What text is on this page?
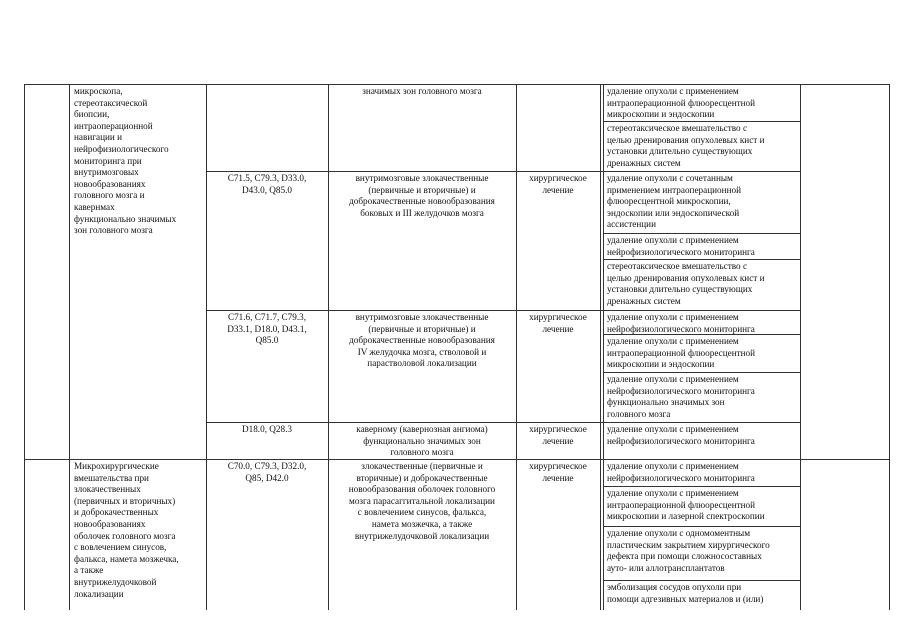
микроскопа,
стереотаксической
биопсии,
интраоперационной
навигации и
нейрофизиологического
мониторинга при
внутримозговых
новообразованиях
головного мозга и
кавернмах
функционально значимых
зон головного мозга
значимых зон головного мозга	удаление опухоли с применением
интраоперационной флюоресцентной
микроскопии и эндоскопии
стереотаксическое вмешательство с
целью дренирования опухолевых кист и
установки длительно существующих
дренажных систем
C71.5, C79.3, D33.0,
D43.0, Q85.0
внутримозговые злокачественные
(первичные и вторичные) и
доброкачественные новообразования
боковых и III желудочков мозга
хирургическое
лечение
удаление опухоли с сочетанным
применением интраоперационной
флюоресцентной микроскопии,
эндоскопии или эндоскопической
ассистенции
удаление опухоли с применением
нейрофизиологического мониторинга
стереотаксическое вмешательство с
целью дренирования опухолевых кист и
установки длительно существующих
дренажных систем
C71.6, C71.7, C79.3,
D33.1, D18.0, D43.1,
Q85.0
внутримозговые злокачественные
(первичные и вторичные) и
доброкачественные новообразования
IV желудочка мозга, стволовой и
парастволовой локализации
хирургическое
лечение
удаление опухоли с применением
нейрофизиологического мониторинга
удаление опухоли с применением
интраоперационной флюоресцентной
микроскопии и эндоскопии
удаление опухоли с применением
нейрофизиологического мониторинга
функционально значимых зон
головного мозга
D18.0, Q28.3	каверному (кавернозная ангиома)
функционально значимых зон
головного мозга
хирургическое
лечение
удаление опухоли с применением
нейрофизиологического мониторинга
Микрохирургические
вмешательства при
злокачественных
(первичных и вторичных)
и доброкачественных
новообразованиях
оболочек головного мозга
с вовлечением синусов,
фалькса, намета мозжечка,
а также
внутрижелудочковой
локализации
C70.0, C79.3, D32.0,
Q85, D42.0
злокачественные (первичные и
вторичные) и доброкачественные
новообразования оболочек головного
мозга парасаггитальной локализации
с вовлечением синусов, фалькса,
намета мозжечка, а также
внутрижелудочковой локализации
хирургическое
лечение
удаление опухоли с применением
нейрофизиологического мониторинга
удаление опухоли с применением
интраоперационной флюоресцентной
микроскопии и лазерной спектроскопии
удаление опухоли с одномоментным
пластическим закрытием хирургического
дефекта при помощи сложносоставных
ауто- или аллотрансплантатов
эмболизация сосудов опухоли при
помощи адгезивных материалов и (или)
